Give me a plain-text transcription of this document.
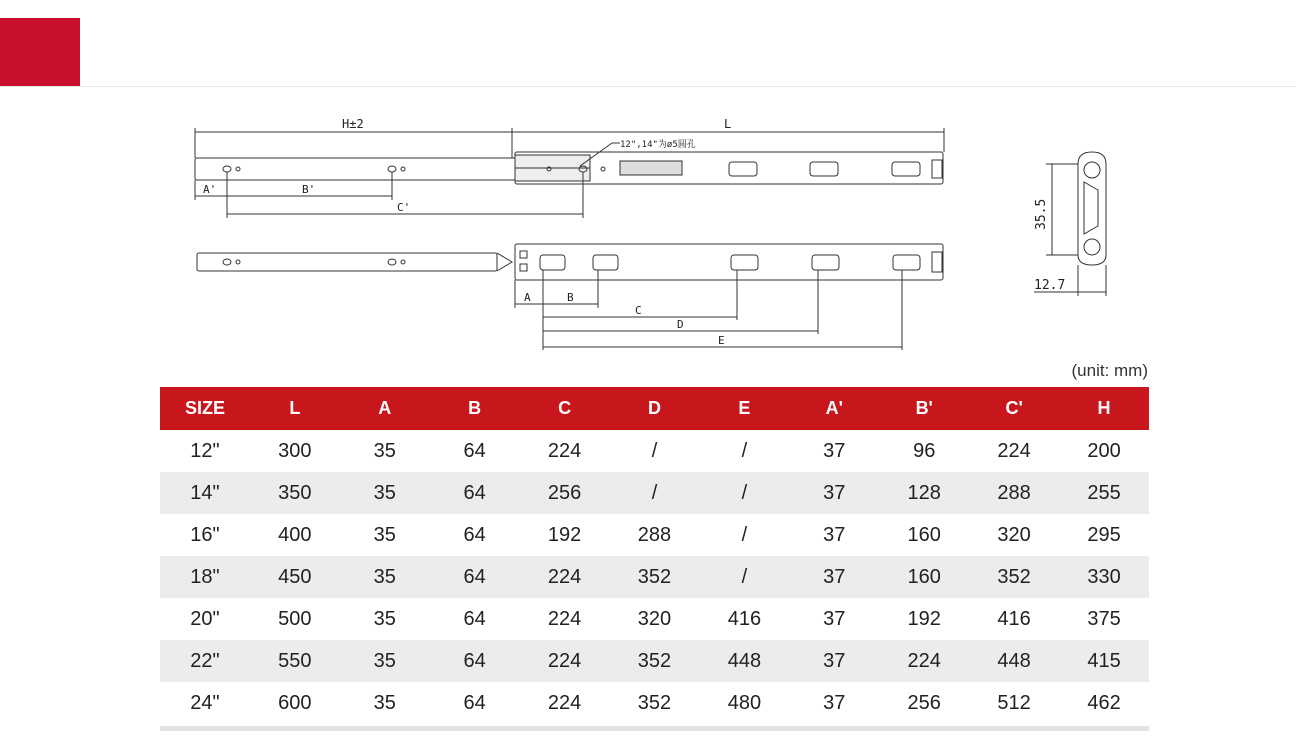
H±2	L
12",14"为ø5圆孔
A'	B'
C'
A	B
C
D
E
35.5
12.7
(unit: mm)
SIZE	L	A	B	C	D	E	A'	B'	C'	H
12"	300	35	64	224	/	/	37	96	224	200
14"	350	35	64	256	/	/	37	128	288	255
16"	400	35	64	192	288	/	37	160	320	295
18"	450	35	64	224	352	/	37	160	352	330
20"	500	35	64	224	320	416	37	192	416	375
22"	550	35	64	224	352	448	37	224	448	415
24"	600	35	64	224	352	480	37	256	512	462
